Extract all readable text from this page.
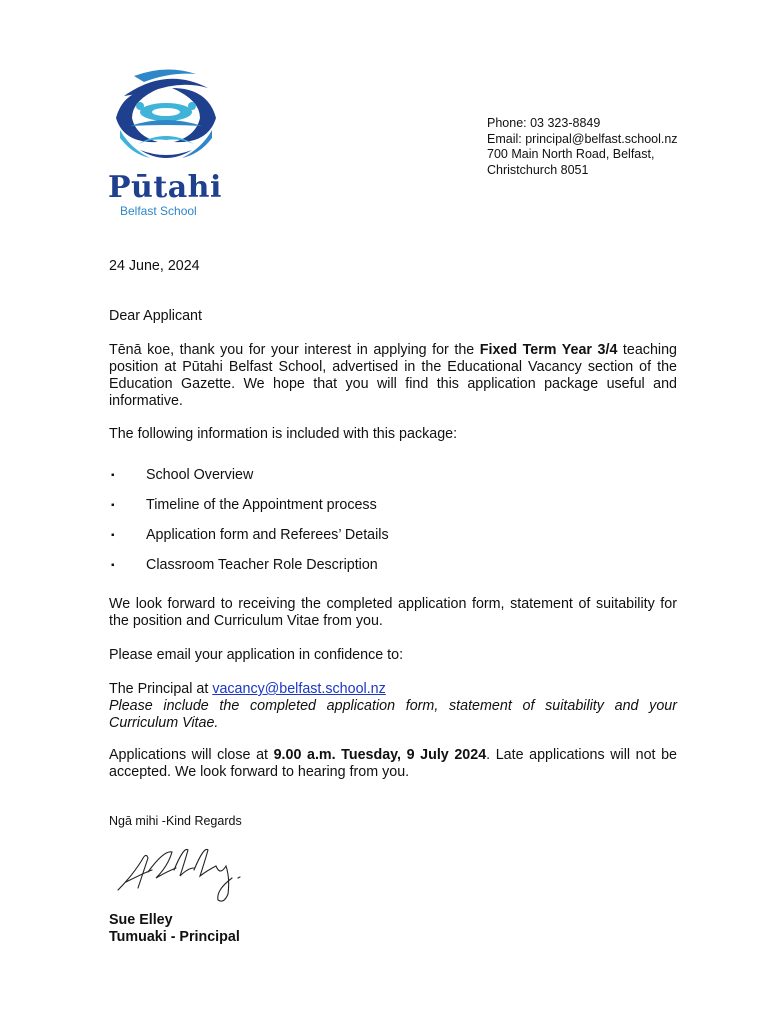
Pūtahi
Belfast School
Phone: 03 323-8849
Email: principal@belfast.school.nz
700 Main North Road, Belfast,
Christchurch 8051
24 June, 2024
Dear Applicant
Tēnā koe, thank you for your interest in applying for the Fixed Term Year 3/4 teaching position at Pūtahi Belfast School, advertised in the Educational Vacancy section of the Education Gazette. We hope that you will find this application package useful and informative.
The following information is included with this package:
▪ School Overview
▪ Timeline of the Appointment process
▪ Application form and Referees’ Details
▪ Classroom Teacher Role Description
We look forward to receiving the completed application form, statement of suitability for the position and Curriculum Vitae from you.
Please email your application in confidence to:
The Principal at vacancy@belfast.school.nz
Please include the completed application form, statement of suitability and your Curriculum Vitae.
Applications will close at 9.00 a.m. Tuesday, 9 July 2024. Late applications will not be accepted. We look forward to hearing from you.
Ngā mihi -Kind Regards
Sue Elley
Tumuaki - Principal
